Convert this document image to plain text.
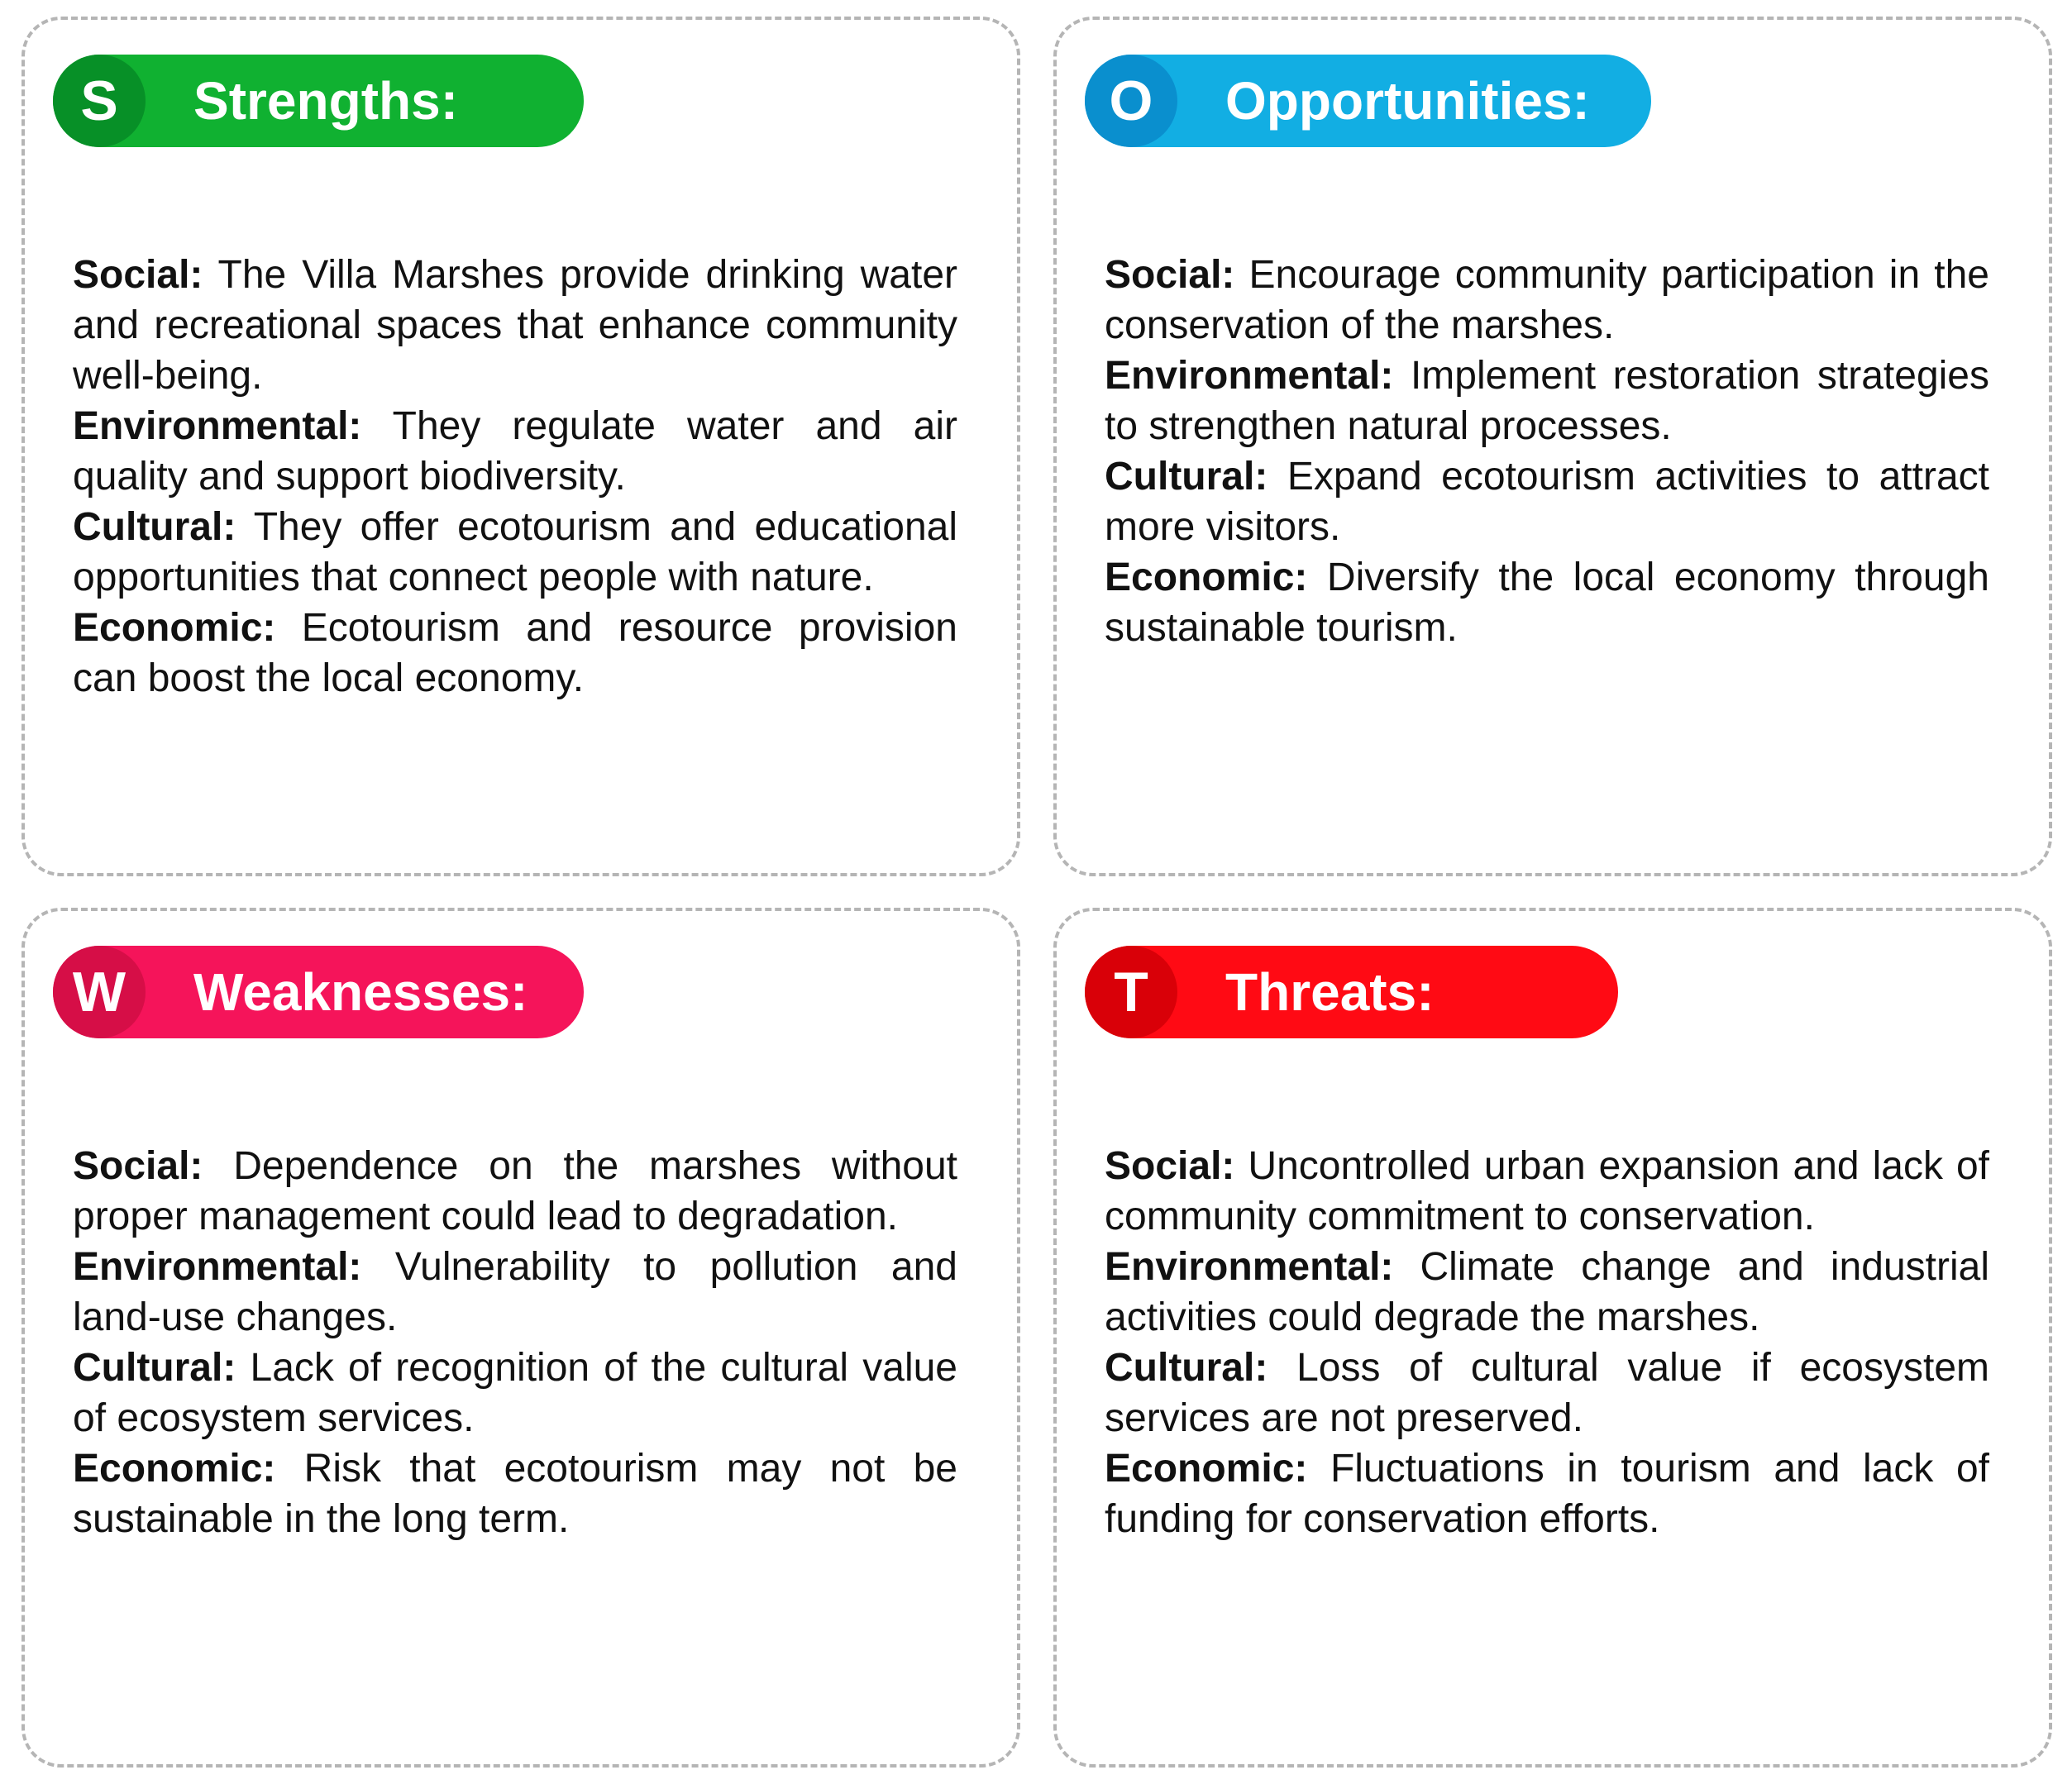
S	Strengths:

Social: The Villa Marshes provide drinking water and recreational spaces that enhance community well-being.

Environmental: They regulate water and air quality and support biodiversity.

Cultural: They offer ecotourism and educational opportunities that connect people with nature.

Economic: Ecotourism and resource provision can boost the local economy.

O	Opportunities:

Social: Encourage community participation in the conservation of the marshes.

Environmental: Implement restoration strategies to strengthen natural processes.

Cultural: Expand ecotourism activities to attract more visitors.

Economic: Diversify the local economy through sustainable tourism.

W	Weaknesses:

Social: Dependence on the marshes without proper management could lead to degradation.

Environmental: Vulnerability to pollution and land-use changes.

Cultural: Lack of recognition of the cultural value of ecosystem services.

Economic: Risk that ecotourism may not be sustainable in the long term.

T	Threats:

Social: Uncontrolled urban expansion and lack of community commitment to conservation.

Environmental: Climate change and industrial activities could degrade the marshes.

Cultural: Loss of cultural value if ecosystem services are not preserved.

Economic: Fluctuations in tourism and lack of funding for conservation efforts.
